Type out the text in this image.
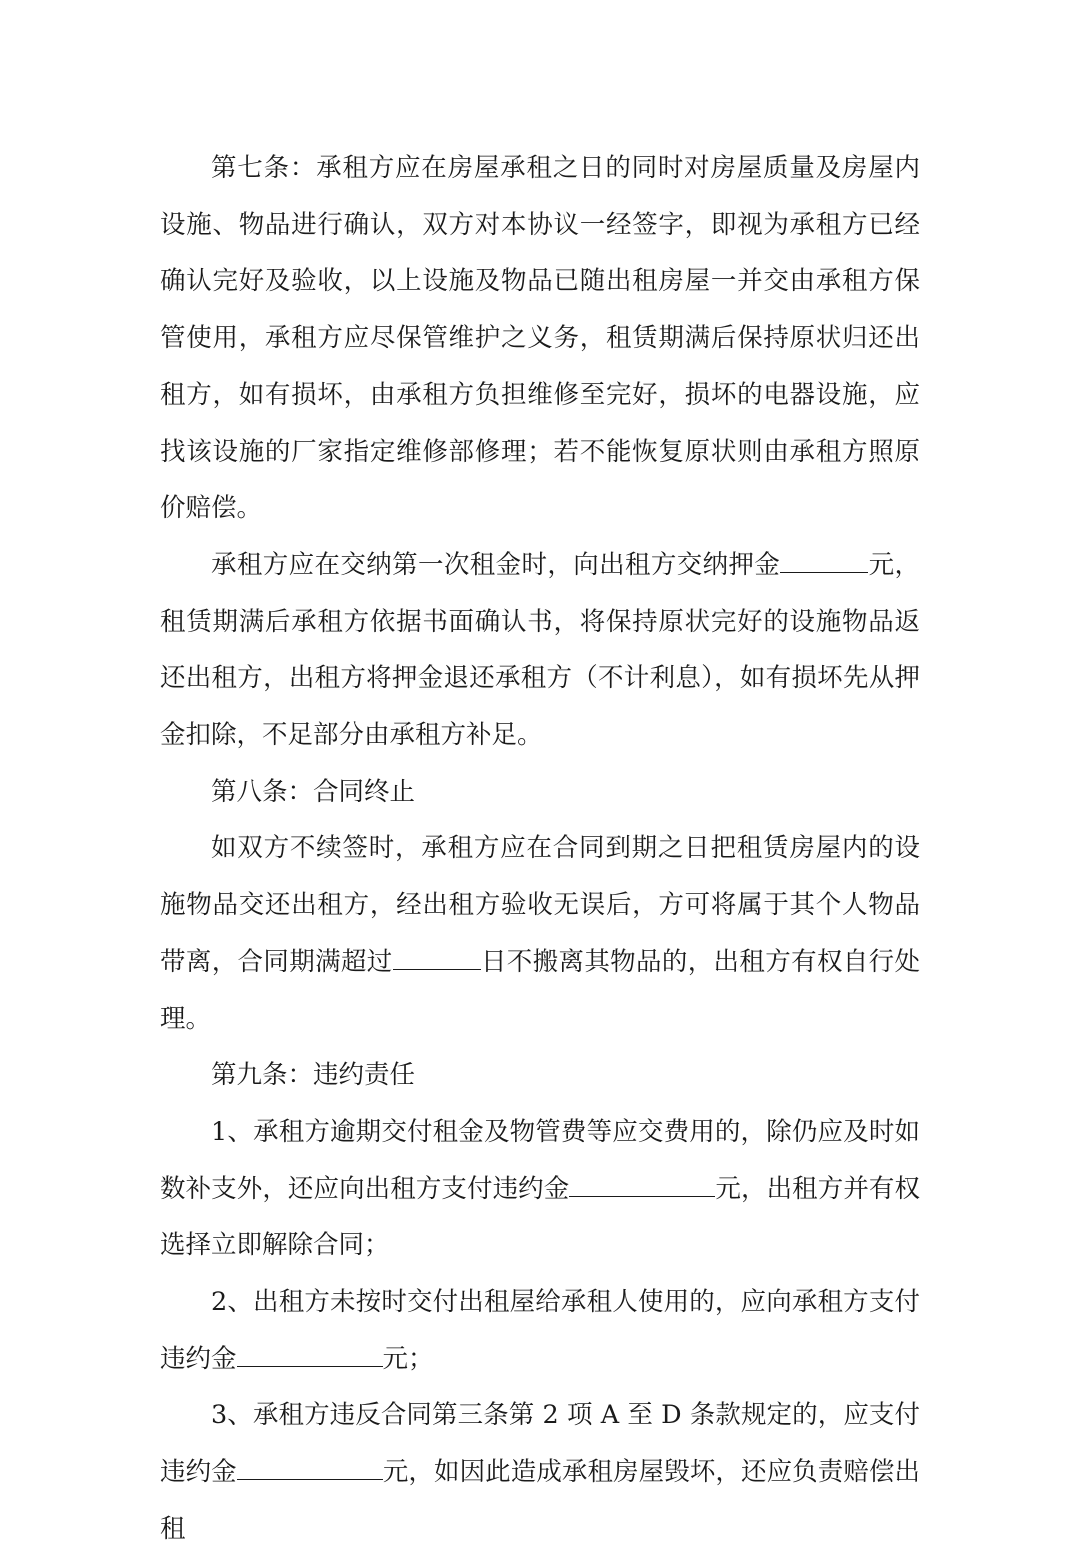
第七条：承租方应在房屋承租之日的同时对房屋质量及房屋内设施、物品进行确认，双方对本协议一经签字，即视为承租方已经确认完好及验收，以上设施及物品已随出租房屋一并交由承租方保管使用，承租方应尽保管维护之义务，租赁期满后保持原状归还出租方，如有损坏，由承租方负担维修至完好，损坏的电器设施，应找该设施的厂家指定维修部修理；若不能恢复原状则由承租方照原价赔偿。

承租方应在交纳第一次租金时，向出租方交纳押金	元，租赁期满后承租方依据书面确认书，将保持原状完好的设施物品返还出租方，出租方将押金退还承租方（不计利息），如有损坏先从押金扣除，不足部分由承租方补足。

第八条：合同终止

如双方不续签时，承租方应在合同到期之日把租赁房屋内的设施物品交还出租方，经出租方验收无误后，方可将属于其个人物品带离，合同期满超过	日不搬离其物品的，出租方有权自行处理。

第九条：违约责任

1、承租方逾期交付租金及物管费等应交费用的，除仍应及时如数补支外，还应向出租方支付违约金	元，出租方并有权选择立即解除合同；

2、出租方未按时交付出租屋给承租人使用的，应向承租方支付违约金	元；

3、承租方违反合同第三条第 2 项 A 至 D 条款规定的，应支付违约金	元，如因此造成承租房屋毁坏，还应负责赔偿出租
